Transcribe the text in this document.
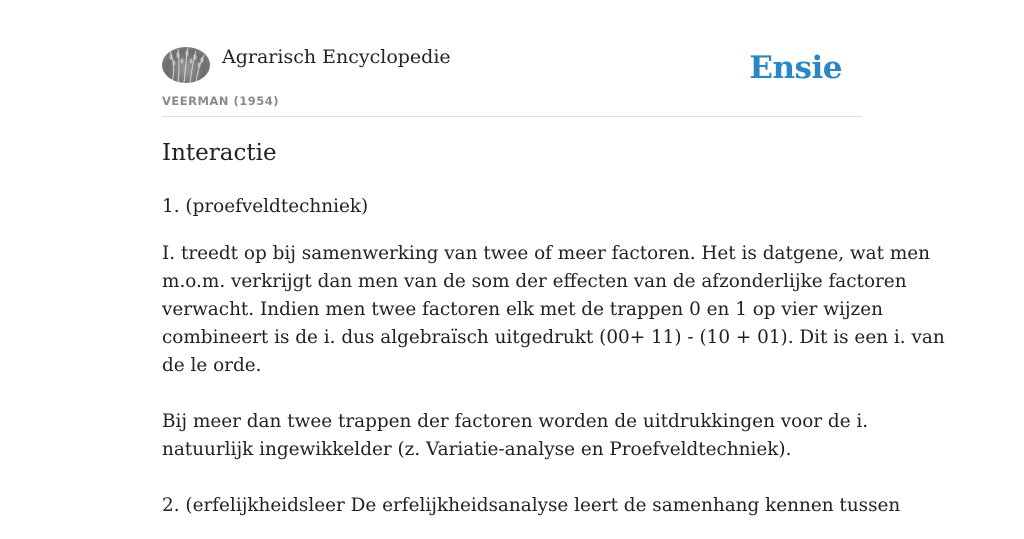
Agrarisch Encyclopedie
VEERMAN (1954)
Ensie
Interactie

1. (proefveldtechniek)

I. treedt op bij samenwerking van twee of meer factoren. Het is datgene, wat men
m.o.m. verkrijgt dan men van de som der effecten van de afzonderlijke factoren
verwacht. Indien men twee factoren elk met de trappen 0 en 1 op vier wijzen
combineert is de i. dus algebraïsch uitgedrukt (00+ 11) - (10 + 01). Dit is een i. van
de le orde.

Bij meer dan twee trappen der factoren worden de uitdrukkingen voor de i.
natuurlijk ingewikkelder (z. Variatie-analyse en Proefveldtechniek).

2. (erfelijkheidsleer De erfelijkheidsanalyse leert de samenhang kennen tussen
